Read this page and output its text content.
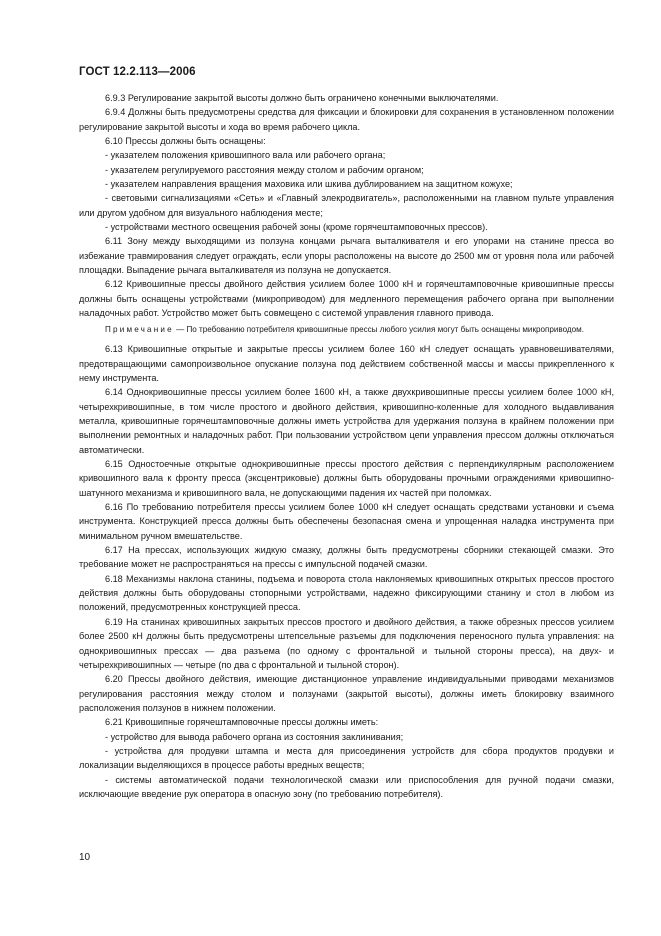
ГОСТ 12.2.113—2006

6.9.3 Регулирование закрытой высоты должно быть ограничено конечными выключателями.

6.9.4 Должны быть предусмотрены средства для фиксации и блокировки для сохранения в установленном положении регулирование закрытой высоты и хода во время рабочего цикла.

6.10 Прессы должны быть оснащены:

- указателем положения кривошипного вала или рабочего органа;

- указателем регулируемого расстояния между столом и рабочим органом;

- указателем направления вращения маховика или шкива дублированием на защитном кожухе;

- световыми сигнализациями «Сеть» и «Главный элекродвигатель», расположенными на главном пульте управления или другом удобном для визуального наблюдения месте;

- устройствами местного освещения рабочей зоны (кроме горячештамповочных прессов).

6.11 Зону между выходящими из ползуна концами рычага выталкивателя и его упорами на станине пресса во избежание травмирования следует ограждать, если упоры расположены на высоте до 2500 мм от уровня пола или рабочей площадки. Выпадение рычага выталкивателя из ползуна не допускается.

6.12 Кривошипные прессы двойного действия усилием более 1000 кН и горячештамповочные кривошипные прессы должны быть оснащены устройствами (микроприводом) для медленного перемещения рабочего органа при выполнении наладочных работ. Устройство может быть совмещено с системой управления главного привода.

Примечание — По требованию потребителя кривошипные прессы любого усилия могут быть оснащены микроприводом.

6.13 Кривошипные открытые и закрытые прессы усилием более 160 кН следует оснащать уравновешивателями, предотвращающими самопроизвольное опускание ползуна под действием собственной массы и массы прикрепленного к нему инструмента.

6.14 Однокривошипные прессы усилием более 1600 кН, а также двухкривошипные прессы усилием более 1000 кН, четырехкривошипные, в том числе простого и двойного действия, кривошипно-коленные для холодного выдавливания металла, кривошипные горячештамповочные должны иметь устройства для удержания ползуна в крайнем положении при выполнении ремонтных и наладочных работ. При пользовании устройством цепи управления прессом должны отключаться автоматически.

6.15 Одностоечные открытые однокривошипные прессы простого действия с перпендикулярным расположением кривошипного вала к фронту пресса (эксцентриковые) должны быть оборудованы прочными ограждениями кривошипно-шатунного механизма и кривошипного вала, не допускающими падения их частей при поломках.

6.16 По требованию потребителя прессы усилием более 1000 кН следует оснащать средствами установки и съема инструмента. Конструкцией пресса должны быть обеспечены безопасная смена и упрощенная наладка инструмента при минимальном ручном вмешательстве.

6.17 На прессах, использующих жидкую смазку, должны быть предусмотрены сборники стекающей смазки. Это требование может не распространяться на прессы с импульсной подачей смазки.

6.18 Механизмы наклона станины, подъема и поворота стола наклоняемых кривошипных открытых прессов простого действия должны быть оборудованы стопорными устройствами, надежно фиксирующими станину и стол в любом из положений, предусмотренных конструкцией пресса.

6.19 На станинах кривошипных закрытых прессов простого и двойного действия, а также обрезных прессов усилием более 2500 кН должны быть предусмотрены штепсельные разъемы для подключения переносного пульта управления: на однокривошипных прессах — два разъема (по одному с фронтальной и тыльной стороны пресса), на двух- и четырехкривошипных — четыре (по два с фронтальной и тыльной сторон).

6.20 Прессы двойного действия, имеющие дистанционное управление индивидуальными приводами механизмов регулирования расстояния между столом и ползунами (закрытой высоты), должны иметь блокировку взаимного расположения ползунов в нижнем положении.

6.21 Кривошипные горячештамповочные прессы должны иметь:

- устройство для вывода рабочего органа из состояния заклинивания;

- устройства для продувки штампа и места для присоединения устройств для сбора продуктов продувки и локализации выделяющихся в процессе работы вредных веществ;

- системы автоматической подачи технологической смазки или приспособления для ручной подачи смазки, исключающие введение рук оператора в опасную зону (по требованию потребителя).

10
